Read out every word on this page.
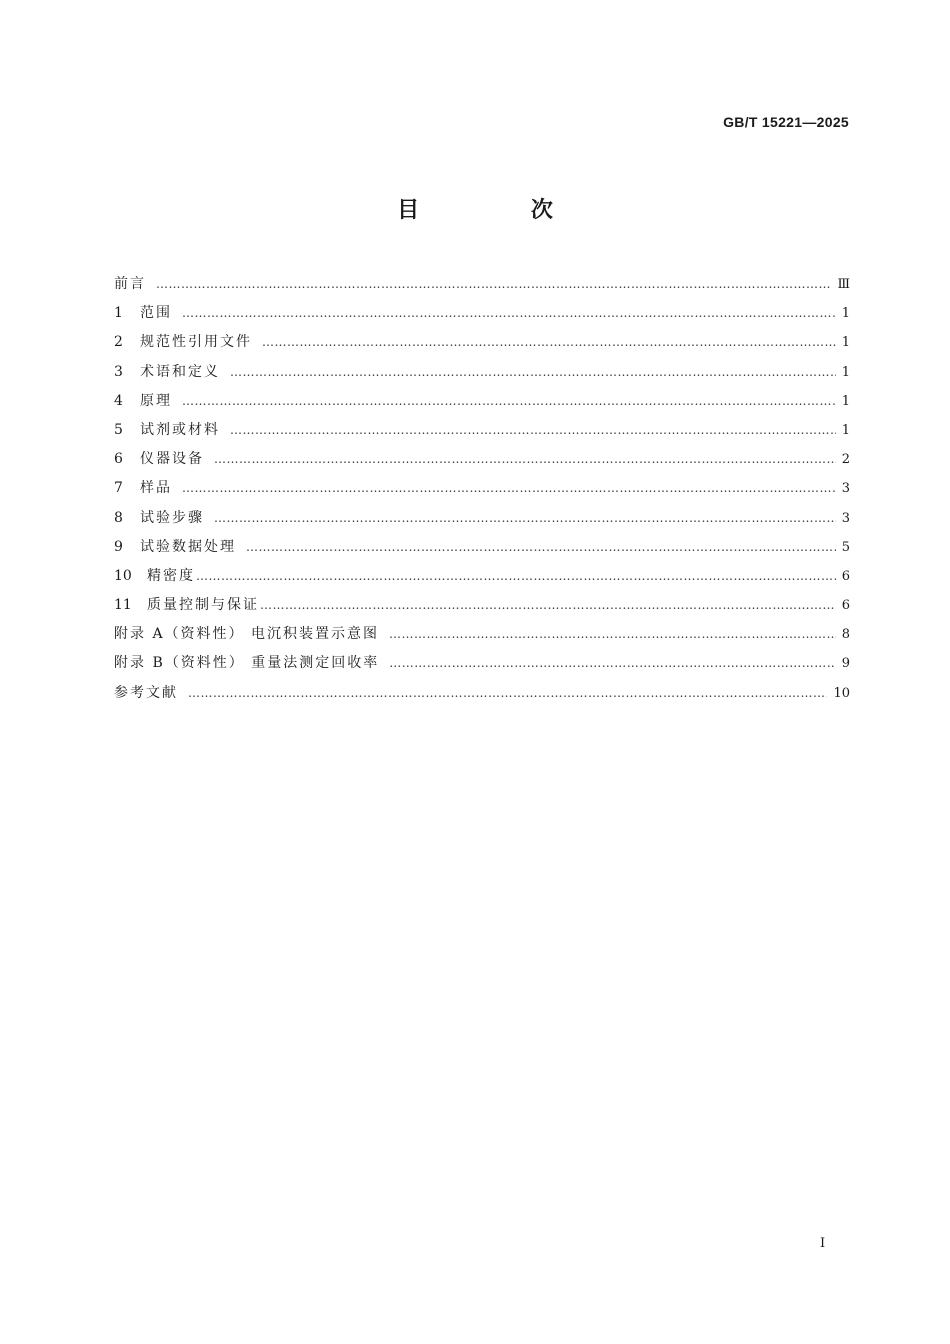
GB/T 15221—2025
目 次
前言 ……………………………………………………………………………………………………………………………………………………………………………………………………………	Ⅲ
1	范围 ……………………………………………………………………………………………………………………………………………………………………………………………………………	1
2	规范性引用文件 ……………………………………………………………………………………………………………………………………………………………………………………………………………	1
3	术语和定义 ……………………………………………………………………………………………………………………………………………………………………………………………………………	1
4	原理 ……………………………………………………………………………………………………………………………………………………………………………………………………………	1
5	试剂或材料 ……………………………………………………………………………………………………………………………………………………………………………………………………………	1
6	仪器设备 ……………………………………………………………………………………………………………………………………………………………………………………………………………	2
7	样品 ……………………………………………………………………………………………………………………………………………………………………………………………………………	3
8	试验步骤 ……………………………………………………………………………………………………………………………………………………………………………………………………………	3
9	试验数据处理 ……………………………………………………………………………………………………………………………………………………………………………………………………………	5
10	精密度 ……………………………………………………………………………………………………………………………………………………………………………………………………………	6
11	质量控制与保证 ……………………………………………………………………………………………………………………………………………………………………………………………………………	6
附录 A（资料性） 电沉积装置示意图 ……………………………………………………………………………………………………………………………………………………………………………………………………………	8
附录 B（资料性） 重量法测定回收率 ……………………………………………………………………………………………………………………………………………………………………………………………………………	9
参考文献 ……………………………………………………………………………………………………………………………………………………………………………………………………………	10
I
